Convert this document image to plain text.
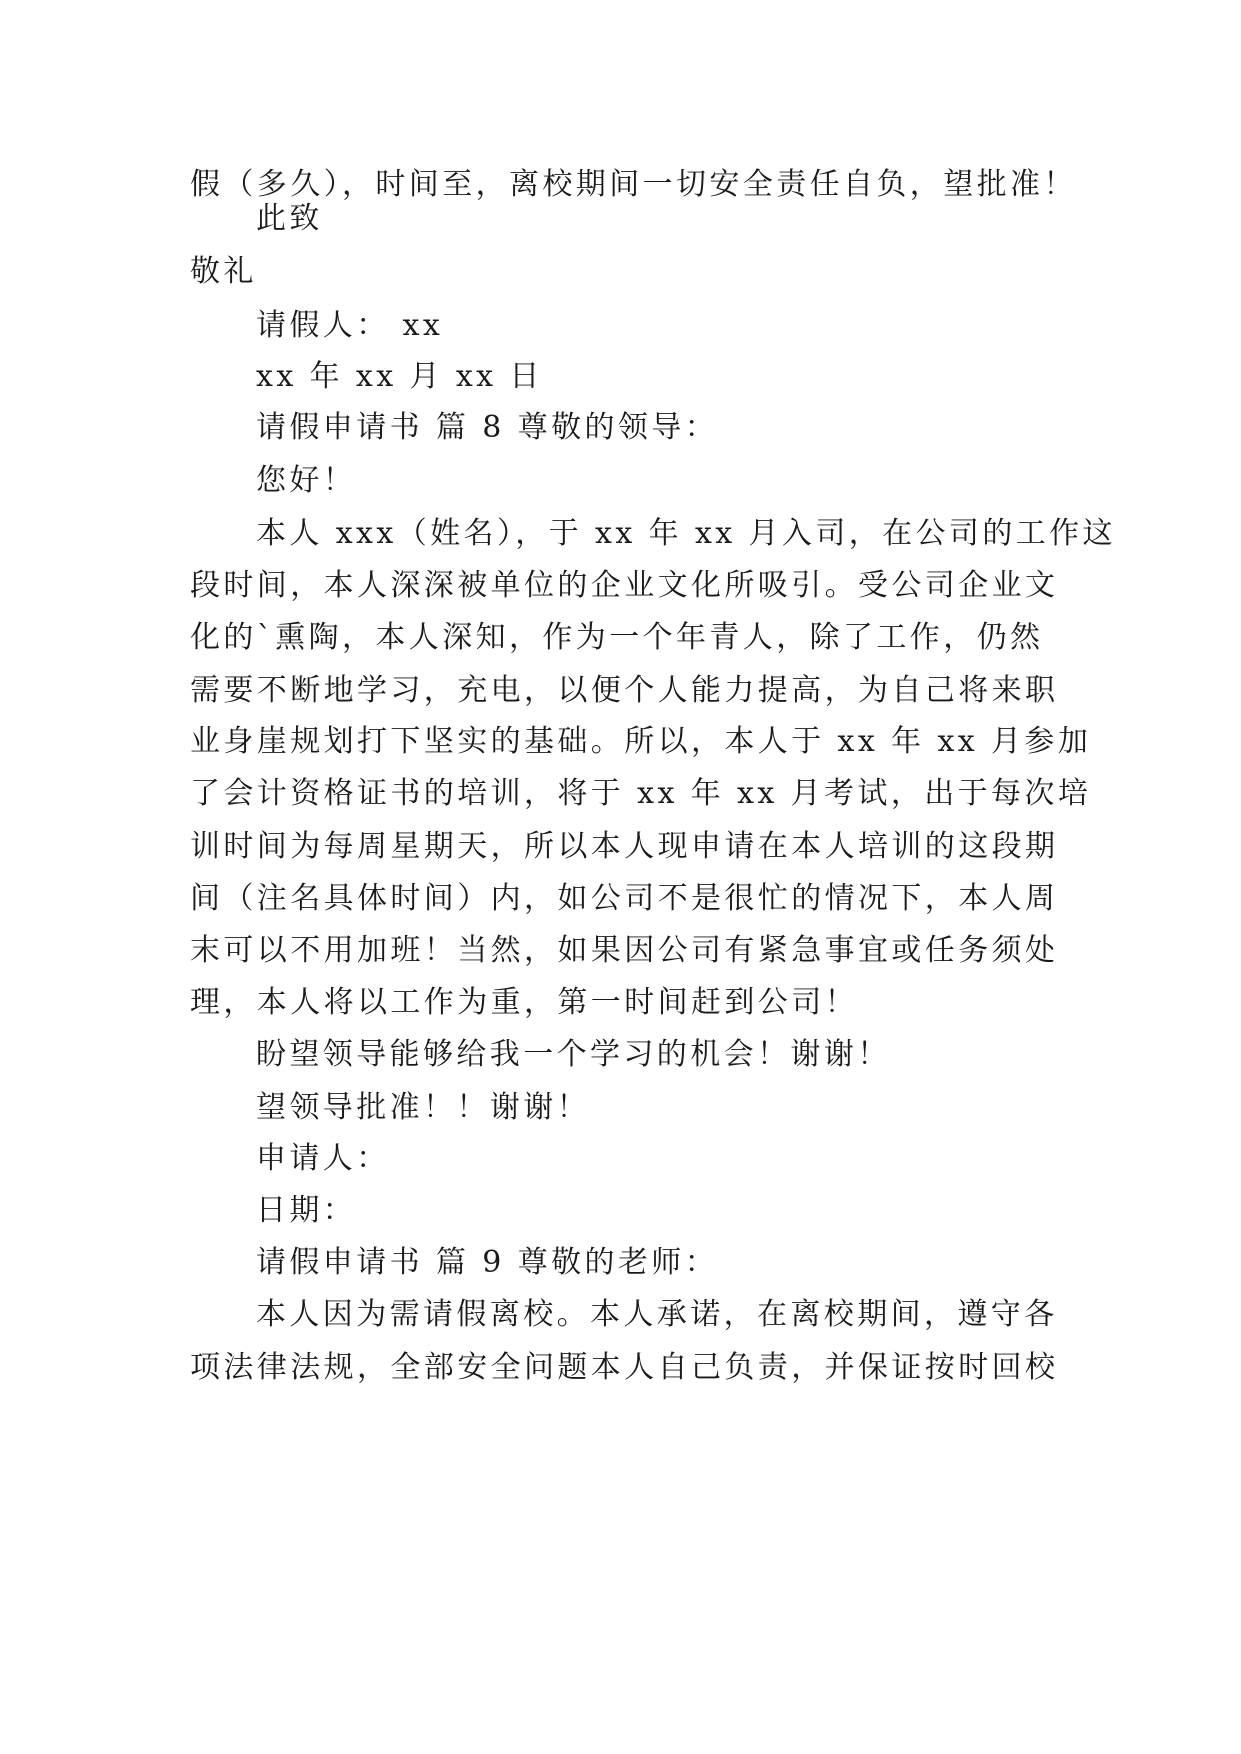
假（多久），时间至，离校期间一切安全责任自负，望批准！
此致
敬礼
请假人： xx
xx 年 xx 月 xx 日
请假申请书 篇 8 尊敬的领导：
您好！
本人 xxx（姓名），于 xx 年 xx 月入司，在公司的工作这
段时间，本人深深被单位的企业文化所吸引。受公司企业文
化的`熏陶，本人深知，作为一个年青人，除了工作，仍然
需要不断地学习，充电，以便个人能力提高，为自己将来职
业身崖规划打下坚实的基础。所以，本人于 xx 年 xx 月参加
了会计资格证书的培训，将于 xx 年 xx 月考试，出于每次培
训时间为每周星期天，所以本人现申请在本人培训的这段期
间（注名具体时间）内，如公司不是很忙的情况下，本人周
末可以不用加班！当然，如果因公司有紧急事宜或任务须处
理，本人将以工作为重，第一时间赶到公司！
盼望领导能够给我一个学习的机会！谢谢！
望领导批准！！谢谢！
申请人：
日期：
请假申请书 篇 9 尊敬的老师：
本人因为需请假离校。本人承诺，在离校期间，遵守各
项法律法规，全部安全问题本人自己负责，并保证按时回校
